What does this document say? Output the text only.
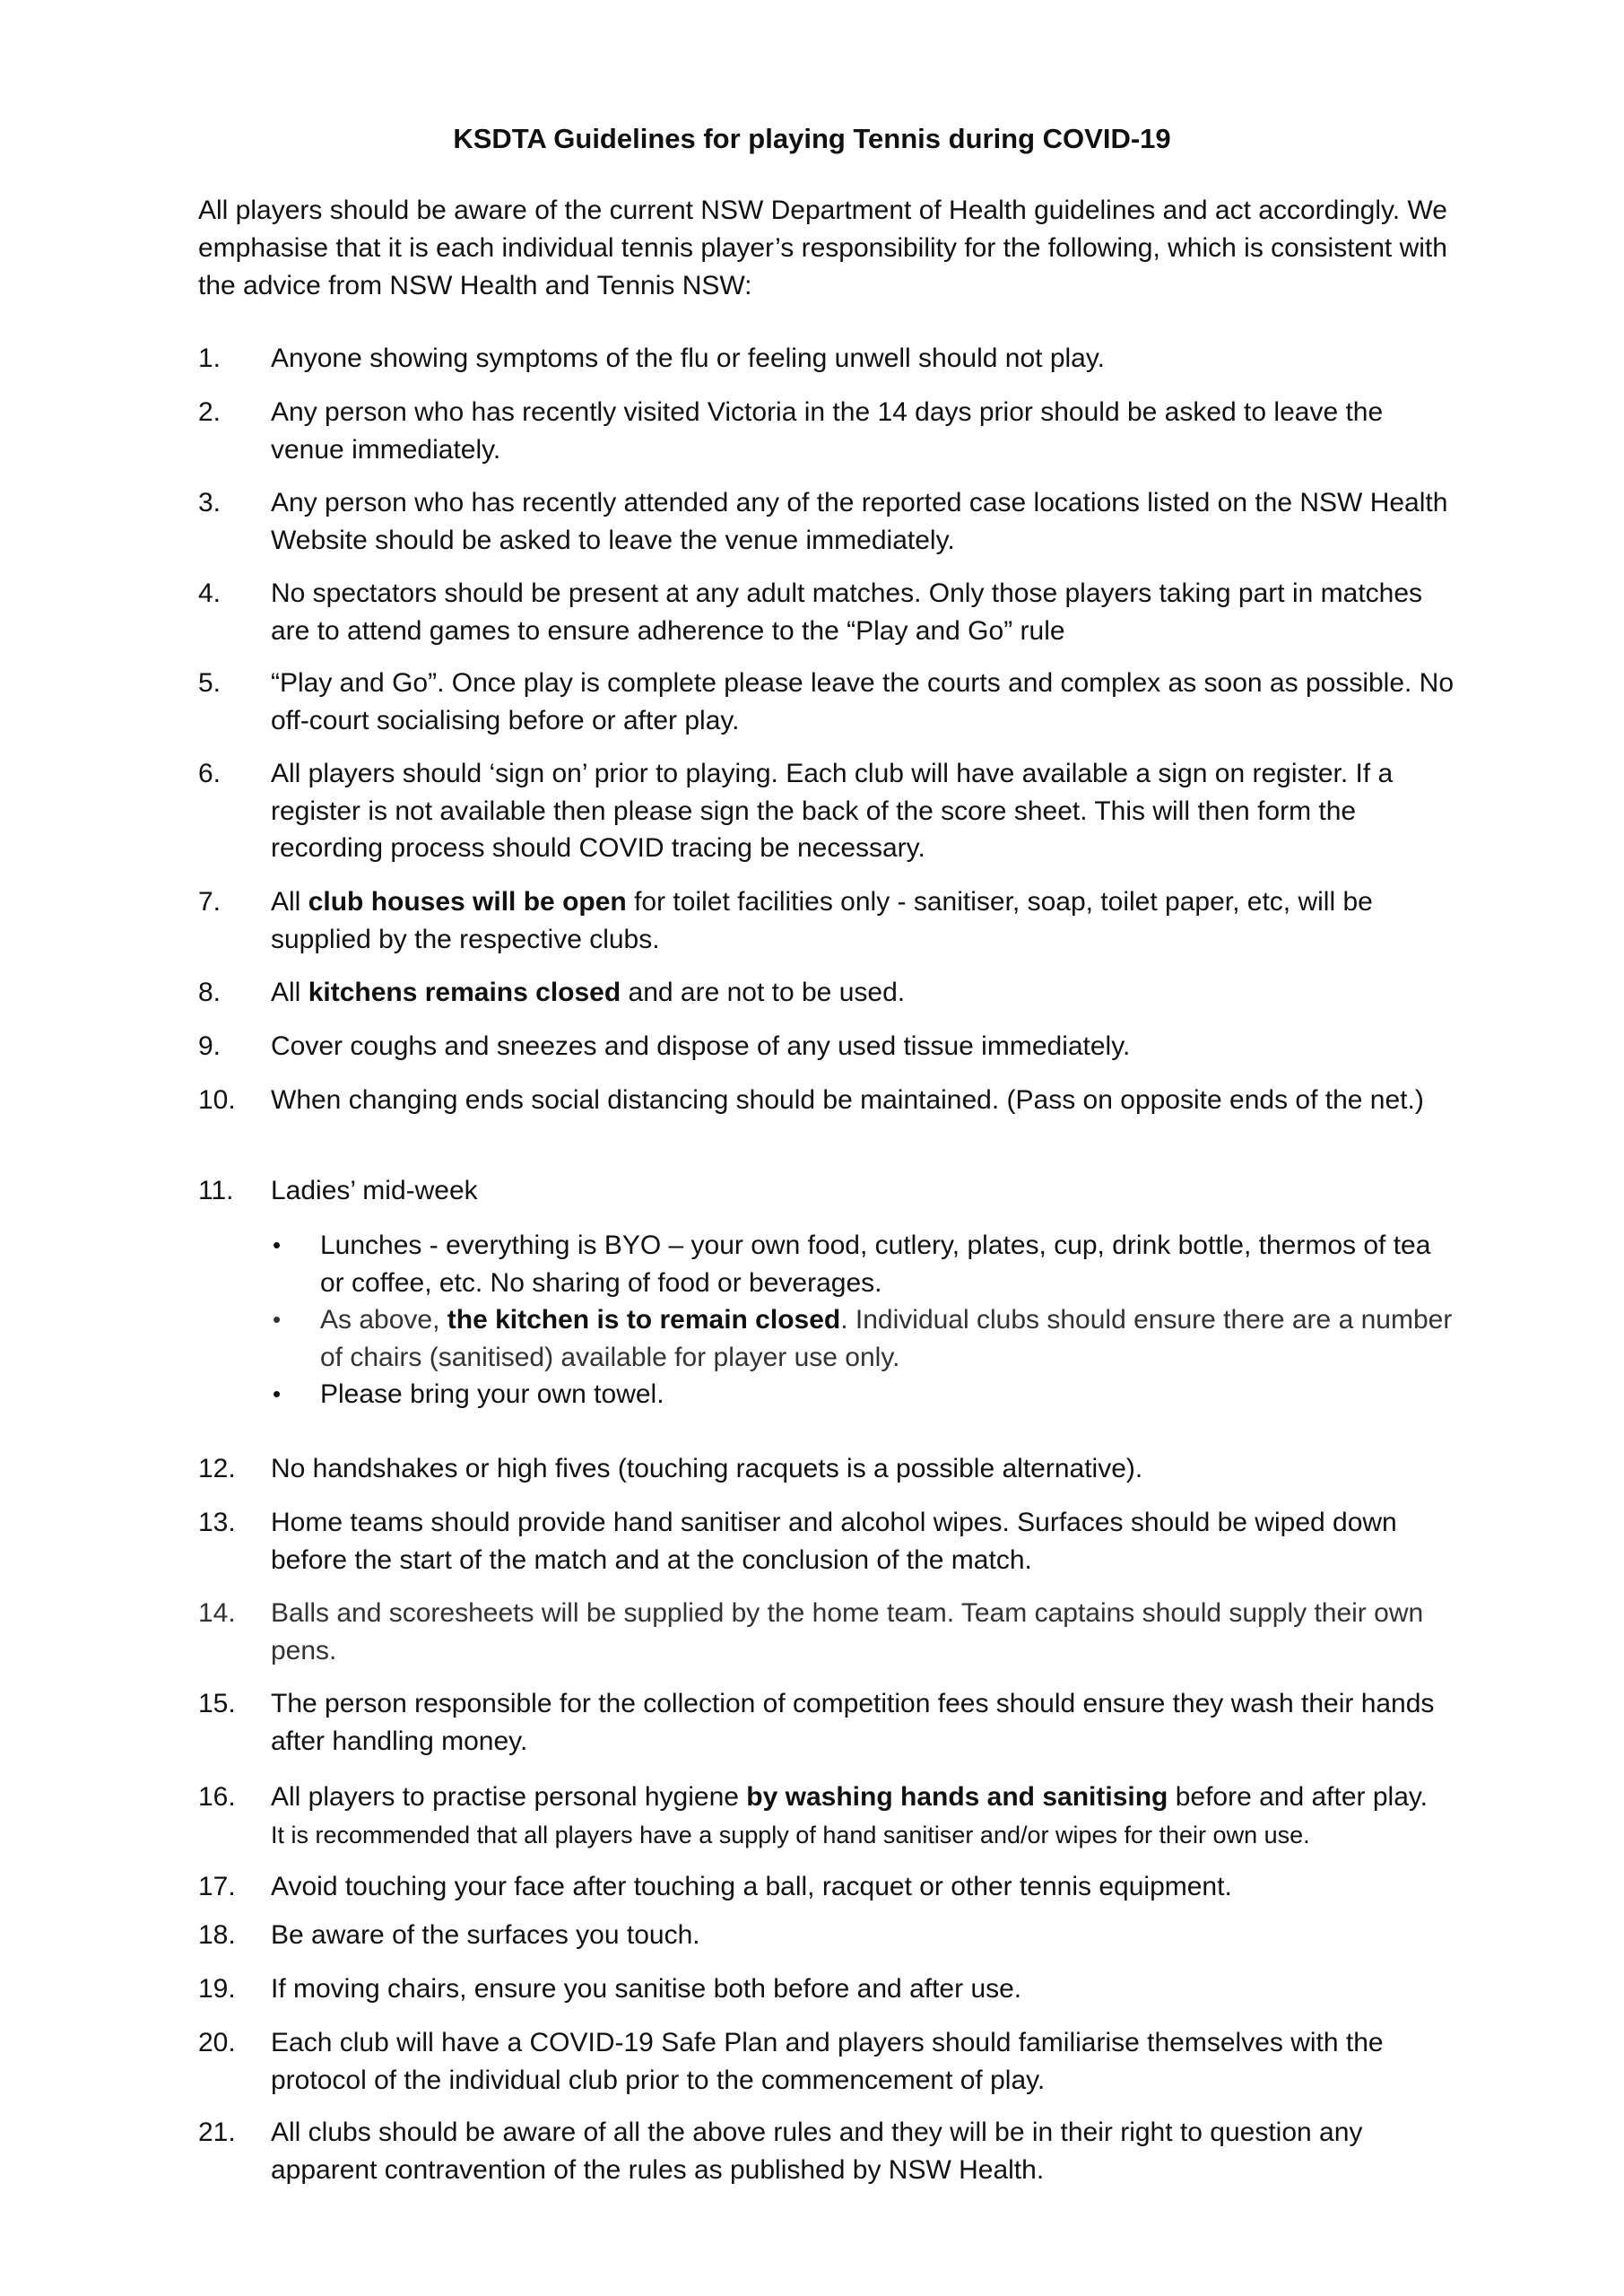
KSDTA Guidelines for playing Tennis during COVID-19
All players should be aware of the current NSW Department of Health guidelines and act accordingly. We emphasise that it is each individual tennis player’s responsibility for the following, which is consistent with the advice from NSW Health and Tennis NSW:
1. Anyone showing symptoms of the flu or feeling unwell should not play.
2. Any person who has recently visited Victoria in the 14 days prior should be asked to leave the venue immediately.
3. Any person who has recently attended any of the reported case locations listed on the NSW Health Website should be asked to leave the venue immediately.
4. No spectators should be present at any adult matches. Only those players taking part in matches are to attend games to ensure adherence to the “Play and Go” rule
5. “Play and Go”. Once play is complete please leave the courts and complex as soon as possible. No off-court socialising before or after play.
6. All players should ‘sign on’ prior to playing. Each club will have available a sign on register. If a register is not available then please sign the back of the score sheet. This will then form the recording process should COVID tracing be necessary.
7. All club houses will be open for toilet facilities only - sanitiser, soap, toilet paper, etc, will be supplied by the respective clubs.
8. All kitchens remains closed and are not to be used.
9. Cover coughs and sneezes and dispose of any used tissue immediately.
10. When changing ends social distancing should be maintained. (Pass on opposite ends of the net.)
11. Ladies’ mid-week
• Lunches - everything is BYO – your own food, cutlery, plates, cup, drink bottle, thermos of tea or coffee, etc. No sharing of food or beverages.
• As above, the kitchen is to remain closed. Individual clubs should ensure there are a number of chairs (sanitised) available for player use only.
• Please bring your own towel.
12. No handshakes or high fives (touching racquets is a possible alternative).
13. Home teams should provide hand sanitiser and alcohol wipes. Surfaces should be wiped down before the start of the match and at the conclusion of the match.
14. Balls and scoresheets will be supplied by the home team. Team captains should supply their own pens.
15. The person responsible for the collection of competition fees should ensure they wash their hands after handling money.
16. All players to practise personal hygiene by washing hands and sanitising before and after play.
It is recommended that all players have a supply of hand sanitiser and/or wipes for their own use.
17. Avoid touching your face after touching a ball, racquet or other tennis equipment.
18. Be aware of the surfaces you touch.
19. If moving chairs, ensure you sanitise both before and after use.
20. Each club will have a COVID-19 Safe Plan and players should familiarise themselves with the protocol of the individual club prior to the commencement of play.
21. All clubs should be aware of all the above rules and they will be in their right to question any apparent contravention of the rules as published by NSW Health.
